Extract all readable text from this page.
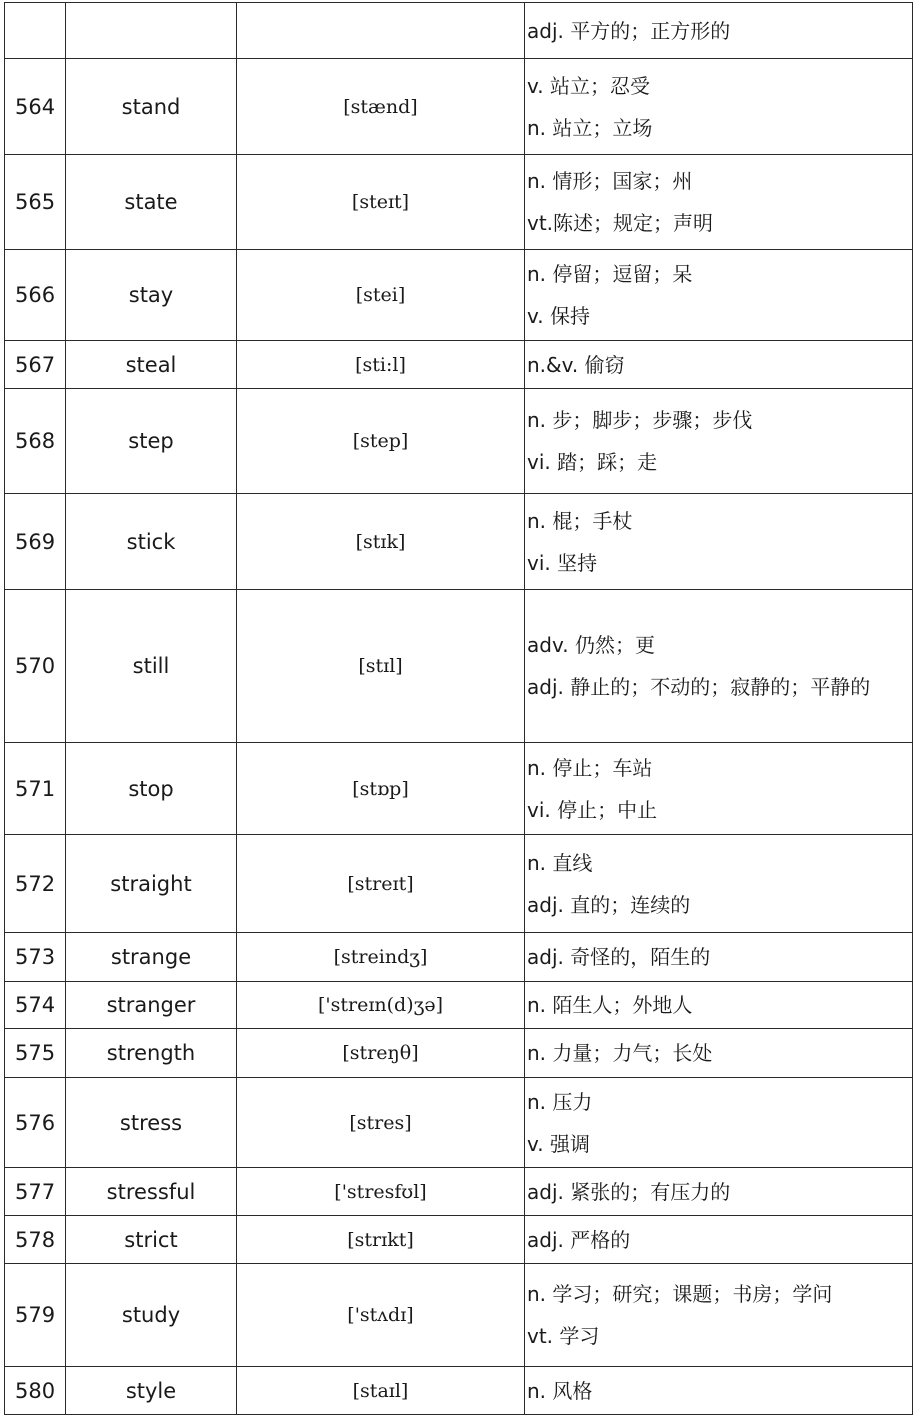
			adj. 平方的；正方形的

564	stand	[stænd]	v. 站立；忍受
n. 站立；立场

565	state	[steɪt]	n. 情形；国家；州
vt.陈述；规定；声明

566	stay	[stei]	n. 停留；逗留；呆
v. 保持

567	steal	[sti:l]	n.&v. 偷窃

568	step	[step]	n. 步；脚步；步骤；步伐
vi. 踏；踩；走

569	stick	[stɪk]	n. 棍；手杖
vi. 坚持

570	still	[stɪl]	adv. 仍然；更
adj. 静止的；不动的；寂静的；平静的

571	stop	[stɒp]	n. 停止；车站
vi. 停止；中止

572	straight	[streɪt]	n. 直线
adj. 直的；连续的

573	strange	[streindʒ]	adj. 奇怪的，陌生的

574	stranger	['streɪn(d)ʒə]	n. 陌生人；外地人

575	strength	[streŋθ]	n. 力量；力气；长处

576	stress	[stres]	n. 压力
v. 强调

577	stressful	['stresfʊl]	adj. 紧张的；有压力的

578	strict	[strɪkt]	adj. 严格的

579	study	['stʌdɪ]	n. 学习；研究；课题；书房；学问
vt. 学习

580	style	[staɪl]	n. 风格
